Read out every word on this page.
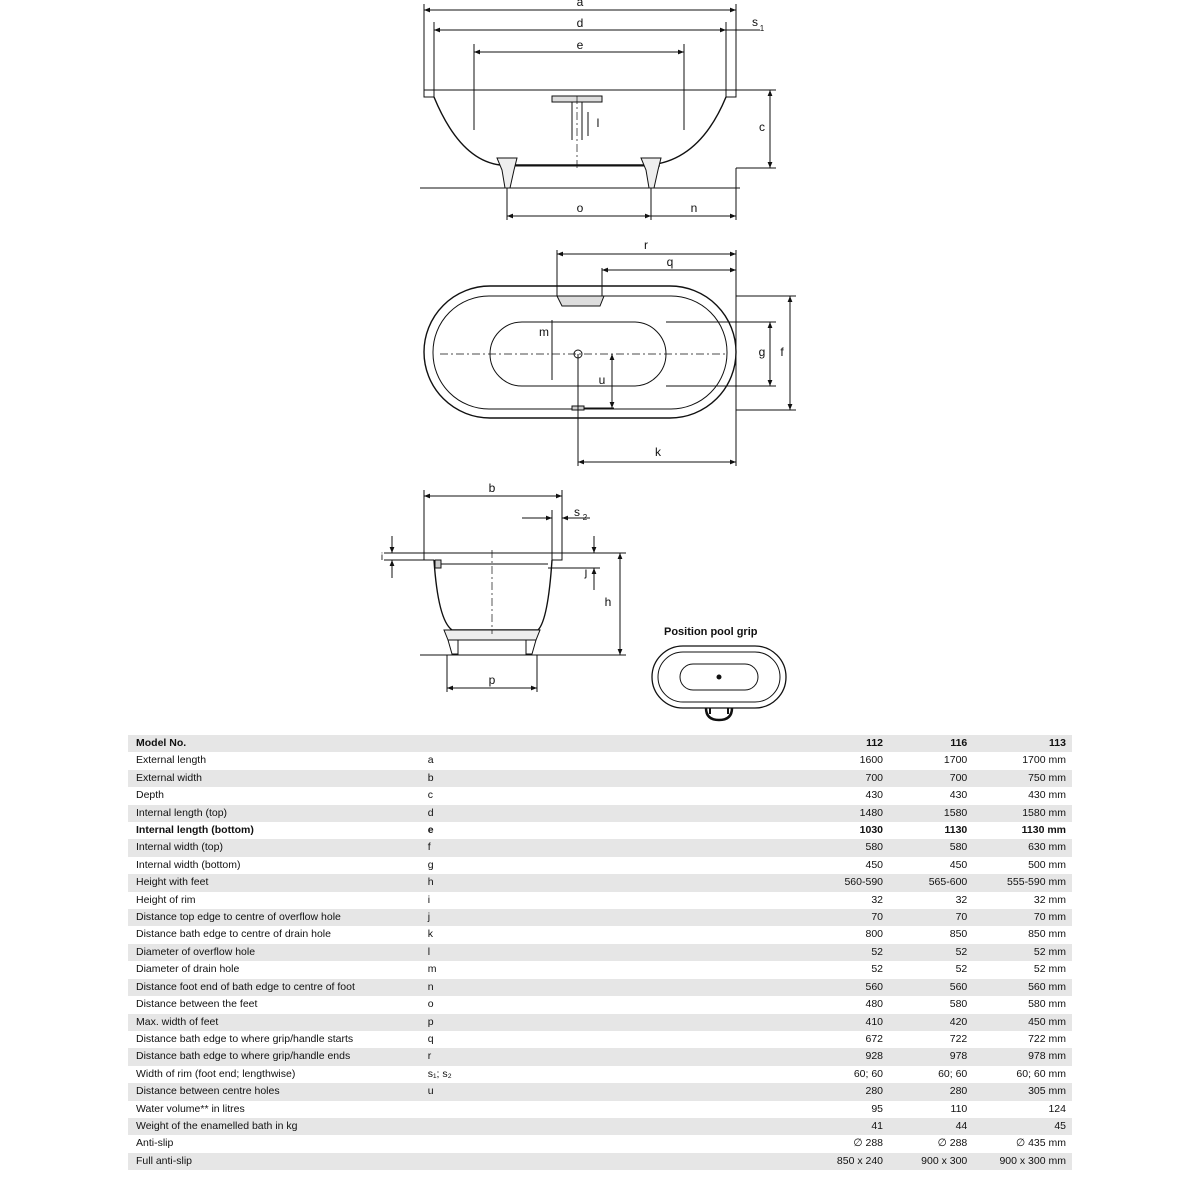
a
d
e
s 1
l	c
o	n
r
q
m
g f
u
k
b
s 2
i
j
h
p
Position pool grip
Model No.		112	116	113
External length	a	1600	1700	1700 mm
External width	b	700	700	750 mm
Depth	c	430	430	430 mm
Internal length (top)	d	1480	1580	1580 mm
Internal length (bottom)	e	1030	1130	1130 mm
Internal width (top)	f	580	580	630 mm
Internal width (bottom)	g	450	450	500 mm
Height with feet	h	560-590	565-600	555-590 mm
Height of rim	i	32	32	32 mm
Distance top edge to centre of overflow hole	j	70	70	70 mm
Distance bath edge to centre of drain hole	k	800	850	850 mm
Diameter of overflow hole	l	52	52	52 mm
Diameter of drain hole	m	52	52	52 mm
Distance foot end of bath edge to centre of foot	n	560	560	560 mm
Distance between the feet	o	480	580	580 mm
Max. width of feet	p	410	420	450 mm
Distance bath edge to where grip/handle starts	q	672	722	722 mm
Distance bath edge to where grip/handle ends	r	928	978	978 mm
Width of rim (foot end; lengthwise)	s₁; s₂	60; 60	60; 60	60; 60 mm
Distance between centre holes	u	280	280	305 mm
Water volume** in litres		95	110	124
Weight of the enamelled bath in kg		41	44	45
Anti-slip		∅ 288	∅ 288	∅ 435 mm
Full anti-slip		850 x 240	900 x 300	900 x 300 mm
